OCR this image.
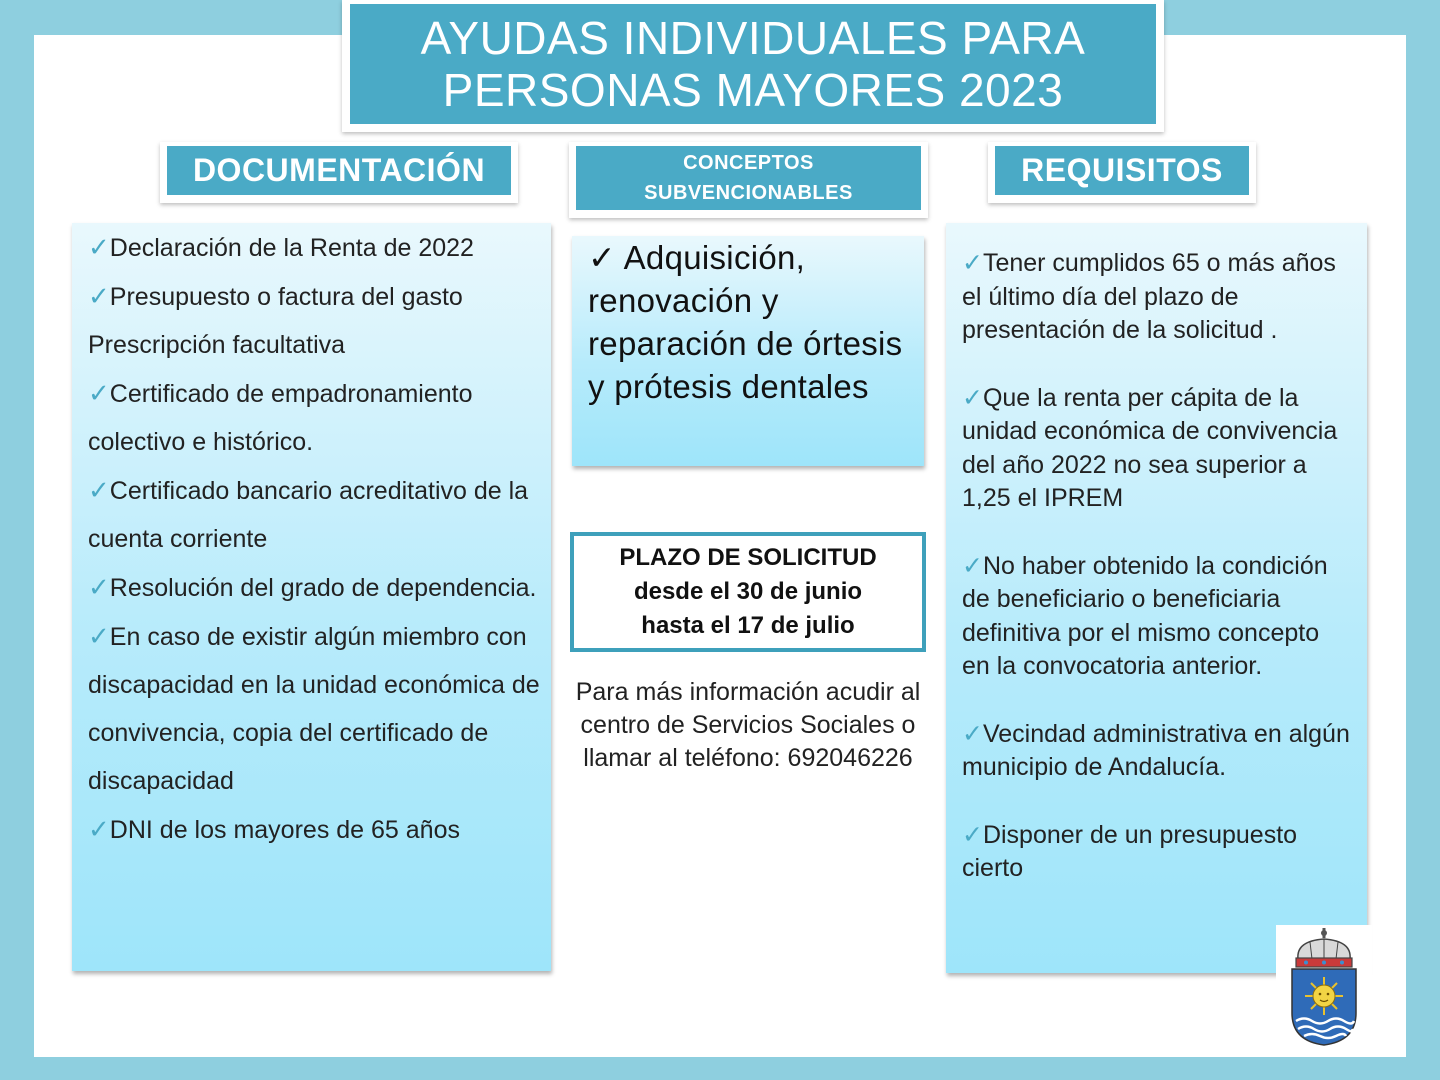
AYUDAS INDIVIDUALES PARA
PERSONAS MAYORES 2023
DOCUMENTACIÓN	CONCEPTOS
SUBVENCIONABLES
REQUISITOS
✓Declaración de la Renta de 2022
✓Presupuesto o factura del gasto Prescripción facultativa
✓Certificado de empadronamiento colectivo e histórico.
✓Certificado bancario acreditativo de la cuenta corriente
✓Resolución del grado de dependencia.
✓En caso de existir algún miembro con discapacidad en la unidad económica de convivencia, copia del certificado de discapacidad
✓DNI de los mayores de 65 años
✓ Adquisición, renovación y reparación de órtesis y prótesis dentales
PLAZO DE SOLICITUD
desde el 30 de junio
hasta el 17 de julio
Para más información acudir al centro de Servicios Sociales o llamar al teléfono: 692046226
✓Tener cumplidos 65 o más años el último día del plazo de presentación de la solicitud .
✓Que la renta per cápita de la unidad económica de convivencia del año 2022 no sea superior a 1,25 el IPREM
✓No haber obtenido la condición de beneficiario o beneficiaria definitiva por el mismo concepto en la convocatoria anterior.
✓Vecindad administrativa en algún municipio de Andalucía.
✓Disponer de un presupuesto cierto
